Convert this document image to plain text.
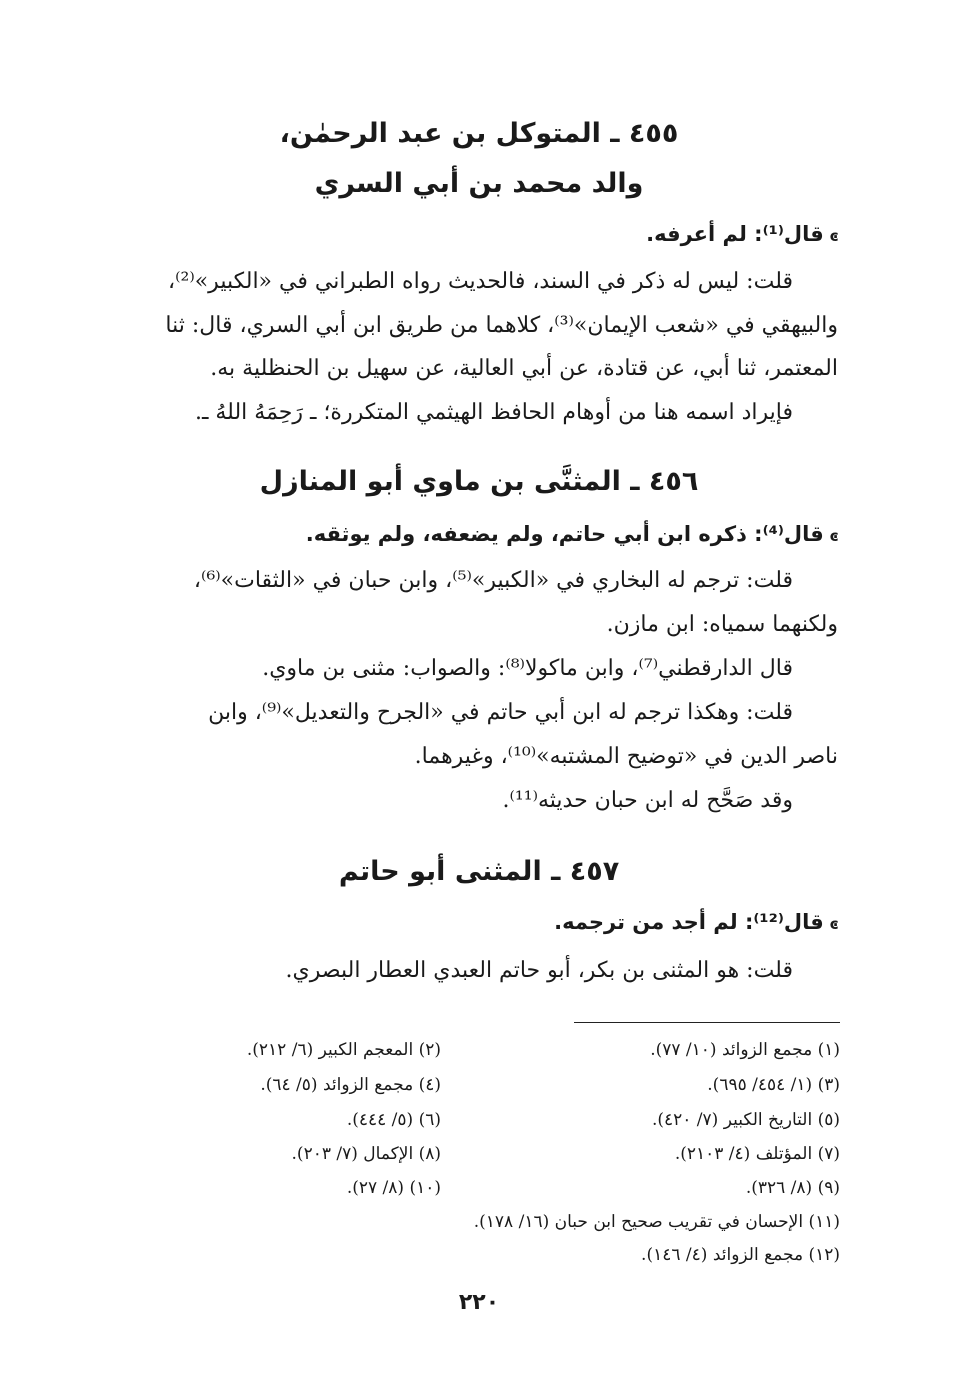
٤٥٥ ـ المتوكل بن عبد الرحمٰن،
والد محمد بن أبي السري
ͼقال⁽¹⁾: لم أعرفه.
قلت: ليس له ذكر في السند، فالحديث رواه الطبراني في «الكبير»⁽²⁾،
والبيهقي في «شعب الإيمان»⁽³⁾، كلاهما من طريق ابن أبي السري، قال: ثنا
المعتمر، ثنا أبي، عن قتادة، عن أبي العالية، عن سهيل بن الحنظلية به.
فإيراد اسمه هنا من أوهام الحافظ الهيثمي المتكررة؛ ـ رَحِمَهُ اللهُ ـ.
٤٥٦ ـ المثنَّى بن ماوي أبو المنازل
ͼقال⁽⁴⁾: ذكره ابن أبي حاتم، ولم يضعفه، ولم يوثقه.
قلت: ترجم له البخاري في «الكبير»⁽⁵⁾، وابن حبان في «الثقات»⁽⁶⁾،
ولكنهما سمياه: ابن مازن.
قال الدارقطني⁽⁷⁾، وابن ماكولا⁽⁸⁾: والصواب: مثنى بن ماوي.
قلت: وهكذا ترجم له ابن أبي حاتم في «الجرح والتعديل»⁽⁹⁾، وابن
ناصر الدين في «توضيح المشتبه»⁽¹⁰⁾، وغيرهما.
وقد صَحَّح له ابن حبان حديثه⁽¹¹⁾.
٤٥٧ ـ المثنى أبو حاتم
ͼقال⁽¹²⁾: لم أجد من ترجمه.
قلت: هو المثنى بن بكر، أبو حاتم العبدي العطار البصري.
(١) مجمع الزوائد (١٠/ ٧٧).
(٢) المعجم الكبير (٦/ ٢١٢).
(٣) (١/ ٤٥٤/ ٦٩٥).
(٤) مجمع الزوائد (٥/ ٦٤).
(٥) التاريخ الكبير (٧/ ٤٢٠).
(٦) (٥/ ٤٤٤).
(٧) المؤتلف (٤/ ٢١٠٣).
(٨) الإكمال (٧/ ٢٠٣).
(٩) (٨/ ٣٢٦).
(١٠) (٨/ ٢٧).
(١١) الإحسان في تقريب صحيح ابن حبان (١٦/ ١٧٨).
(١٢) مجمع الزوائد (٤/ ١٤٦).
٢٢٠
